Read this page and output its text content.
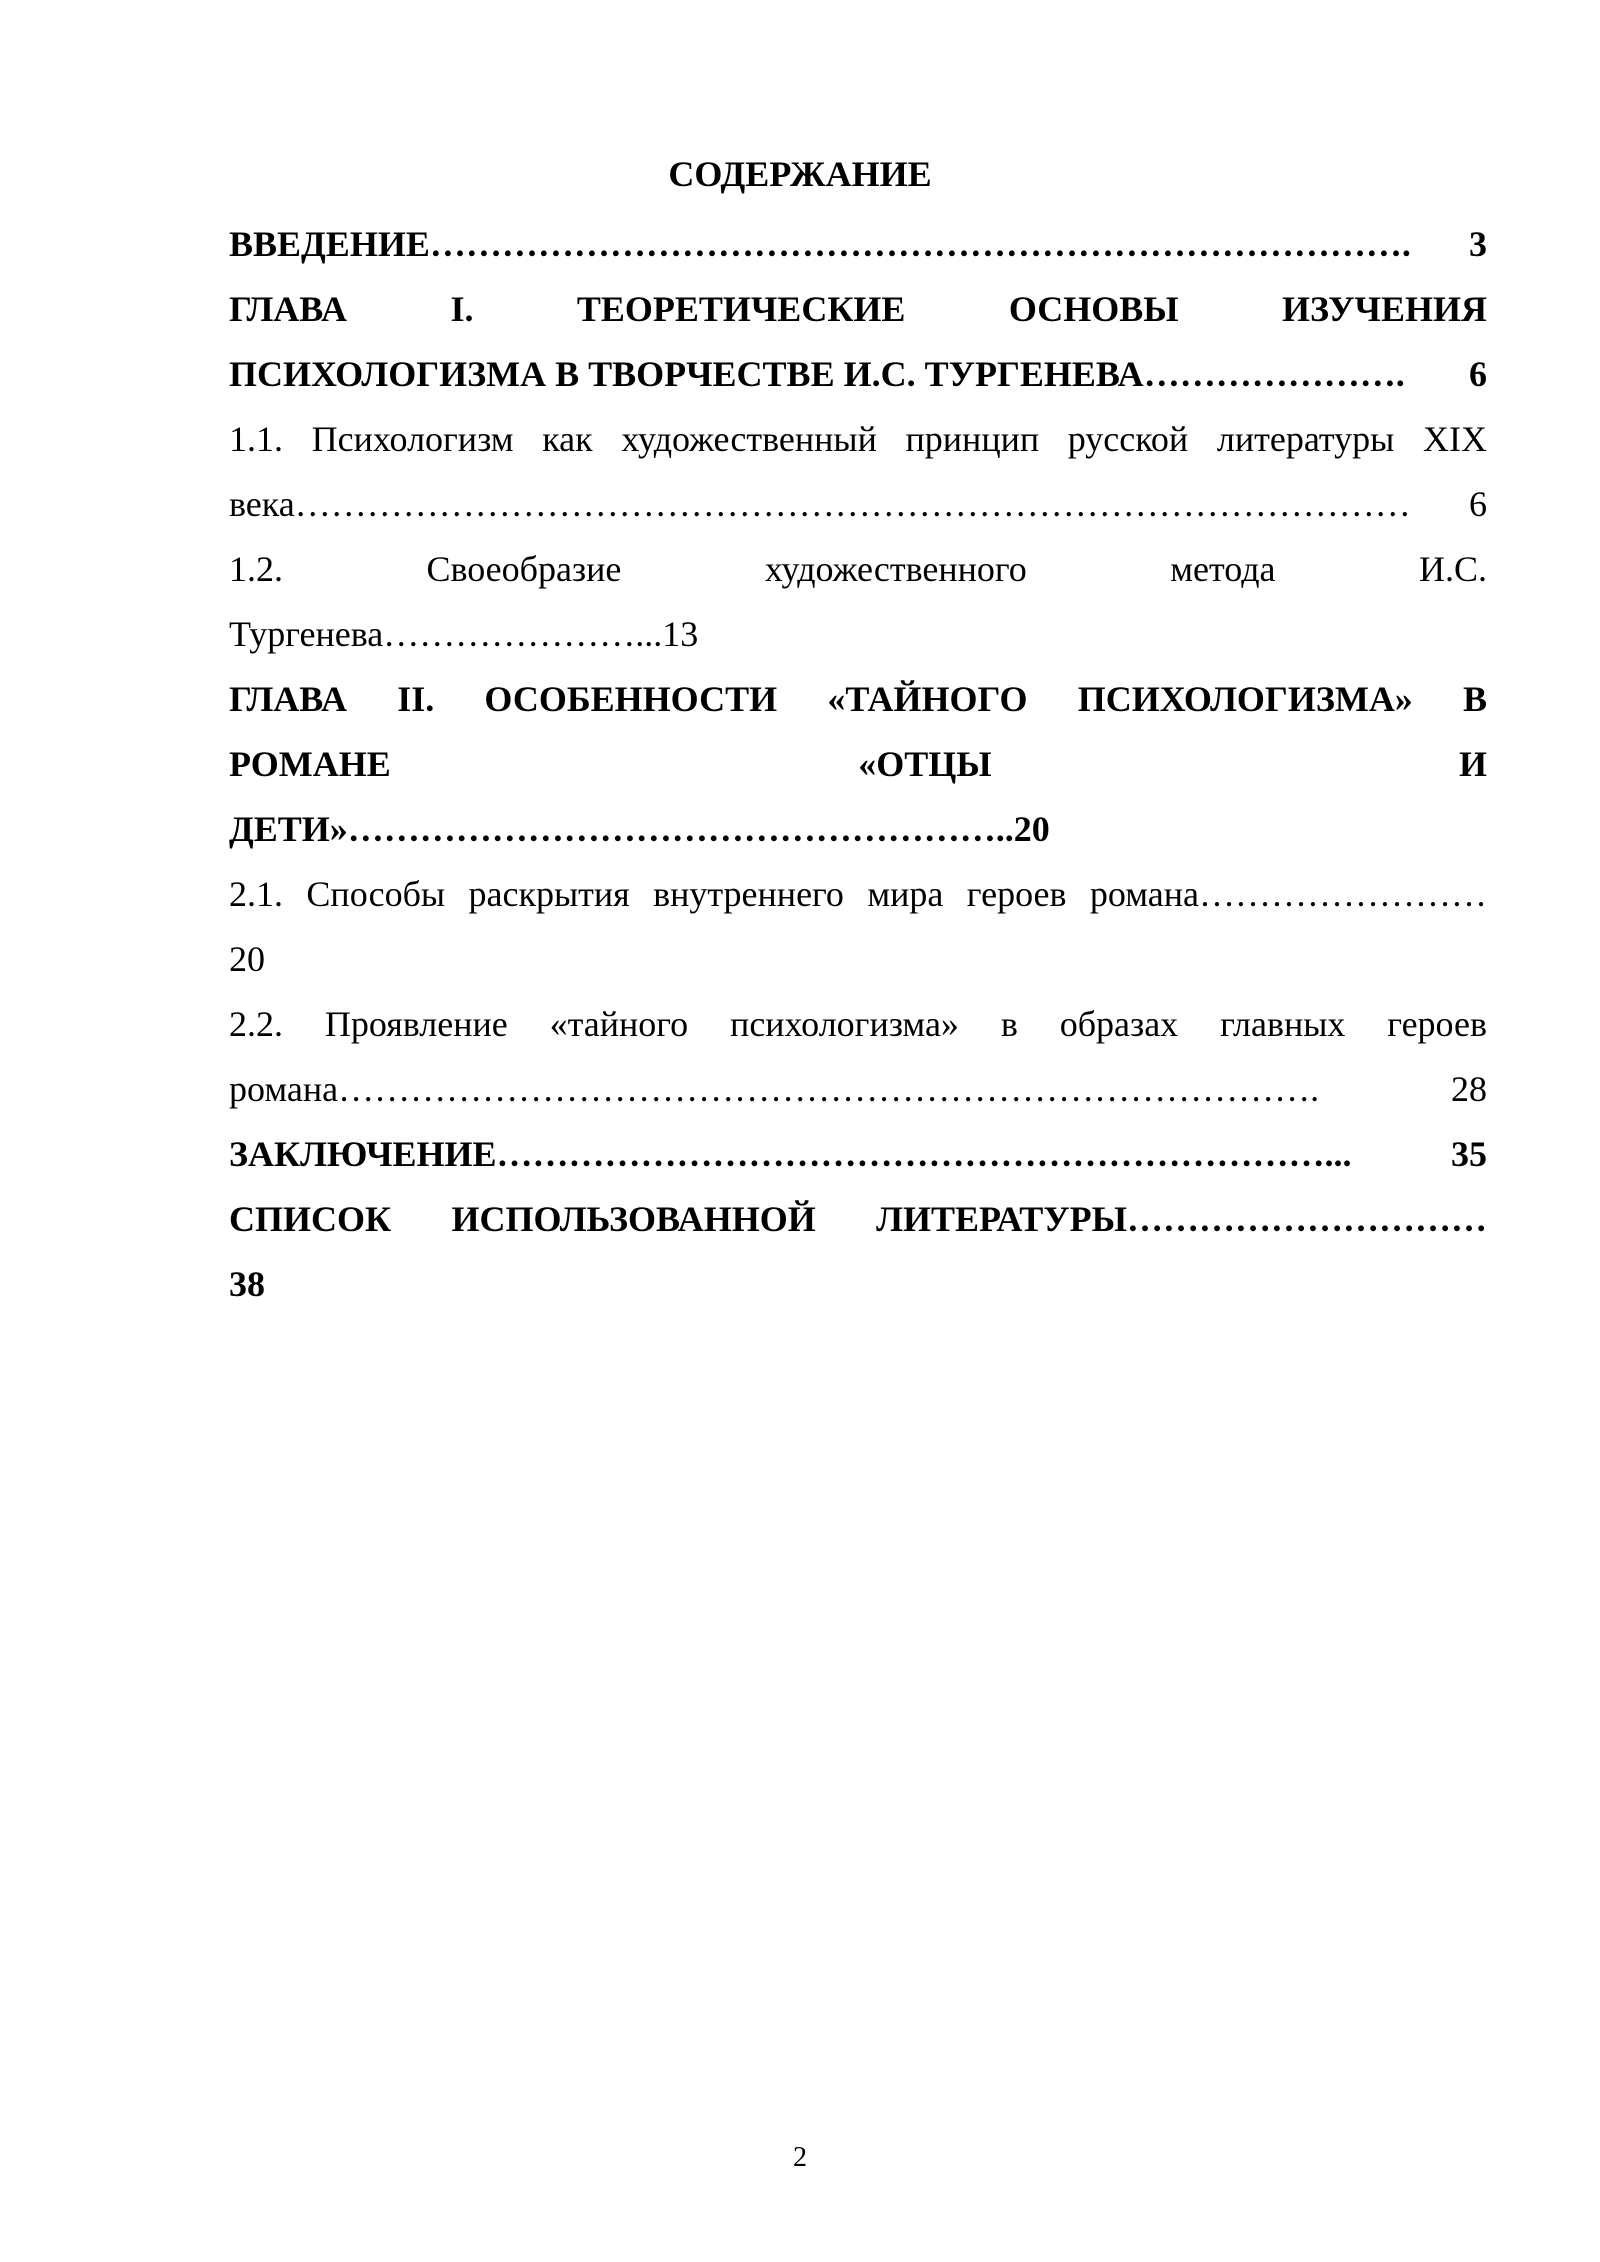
СОДЕРЖАНИЕ
ВВЕДЕНИЕ ……………………………………………………………………….	3
ГЛАВА	I.	ТЕОРЕТИЧЕСКИЕ	ОСНОВЫ	ИЗУЧЕНИЯ
ПСИХОЛОГИЗМА В ТВОРЧЕСТВЕ И.С. ТУРГЕНЕВА ………………….	6
1.1. Психологизм как художественный принцип русской литературы XIX
века …………………………………………………………………………………	6
1.2.	Своеобразие	художественного	метода	И.С.
Тургенева …………………... 13
ГЛАВА II. ОСОБЕННОСТИ «ТАЙНОГО ПСИХОЛОГИЗМА» В
РОМАНЕ	«ОТЦЫ	И
ДЕТИ» ……………………………………………….. 20
2.1. Способы раскрытия внутреннего мира героев романа……………………
20
2.2. Проявление «тайного психологизма» в образах главных героев
романа ……………………………………………………………………….	28
ЗАКЛЮЧЕНИЕ ……………………………………………………………...	35
СПИСОК ИСПОЛЬЗОВАННОЙ ЛИТЕРАТУРЫ…………………………
38
2
